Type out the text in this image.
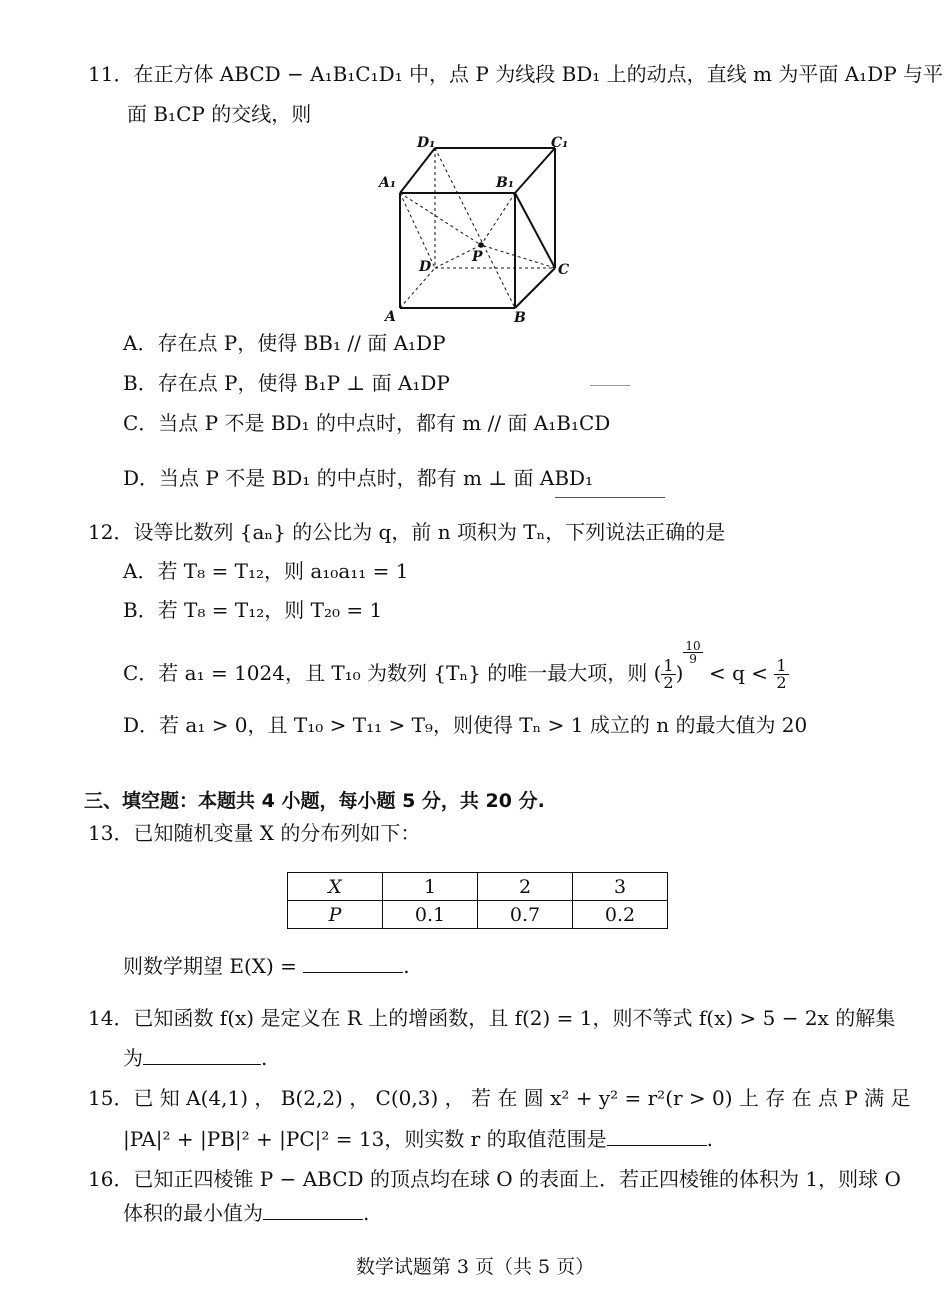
11．在正方体 ABCD − A₁B₁C₁D₁ 中，点 P 为线段 BD₁ 上的动点，直线 m 为平面 A₁DP 与平
面 B₁CP 的交线，则
D₁	C₁
A₁	B₁
D
P
C
A	B
A．存在点 P，使得 BB₁ // 面 A₁DP
B．存在点 P，使得 B₁P ⊥ 面 A₁DP
C．当点 P 不是 BD₁ 的中点时，都有 m // 面 A₁B₁CD
D．当点 P 不是 BD₁ 的中点时，都有 m ⊥ 面 ABD₁
12．设等比数列 {aₙ} 的公比为 q，前 n 项积为 Tₙ，下列说法正确的是
A．若 T₈ = T₁₂，则 a₁₀a₁₁ = 1
B．若 T₈ = T₁₂，则 T₂₀ = 1
C．若 a₁ = 1024，且 T₁₀ 为数列 {Tₙ} 的唯一最大项，则 ( $\frac{1}{2}$ )
$\frac{10}{9}$
< $q < \frac{1}{2}$
D．若 a₁ > 0，且 T₁₀ > T₁₁ > T₉，则使得 Tₙ > 1 成立的 n 的最大值为 20
三、填空题：本题共 4 小题，每小题 5 分，共 20 分.
13．已知随机变量 X 的分布列如下：
X	1	2	3
P	0.1	0.7	0.2
则数学期望 E(X) =	.
14．已知函数 f(x) 是定义在 R 上的增函数，且 f(2) = 1，则不等式 f(x) > 5 − 2x 的解集
为	.
15．已 知 A(4,1) ， B(2,2) ， C(0,3) ， 若 在 圆 x² + y² = r²(r > 0) 上 存 在 点 P 满 足
|PA|² + |PB|² + |PC|² = 13，则实数 r 的取值范围是	.
16．已知正四棱锥 P − ABCD 的顶点均在球 O 的表面上．若正四棱锥的体积为 1，则球 O
体积的最小值为	.
数学试题第 3 页（共 5 页）
